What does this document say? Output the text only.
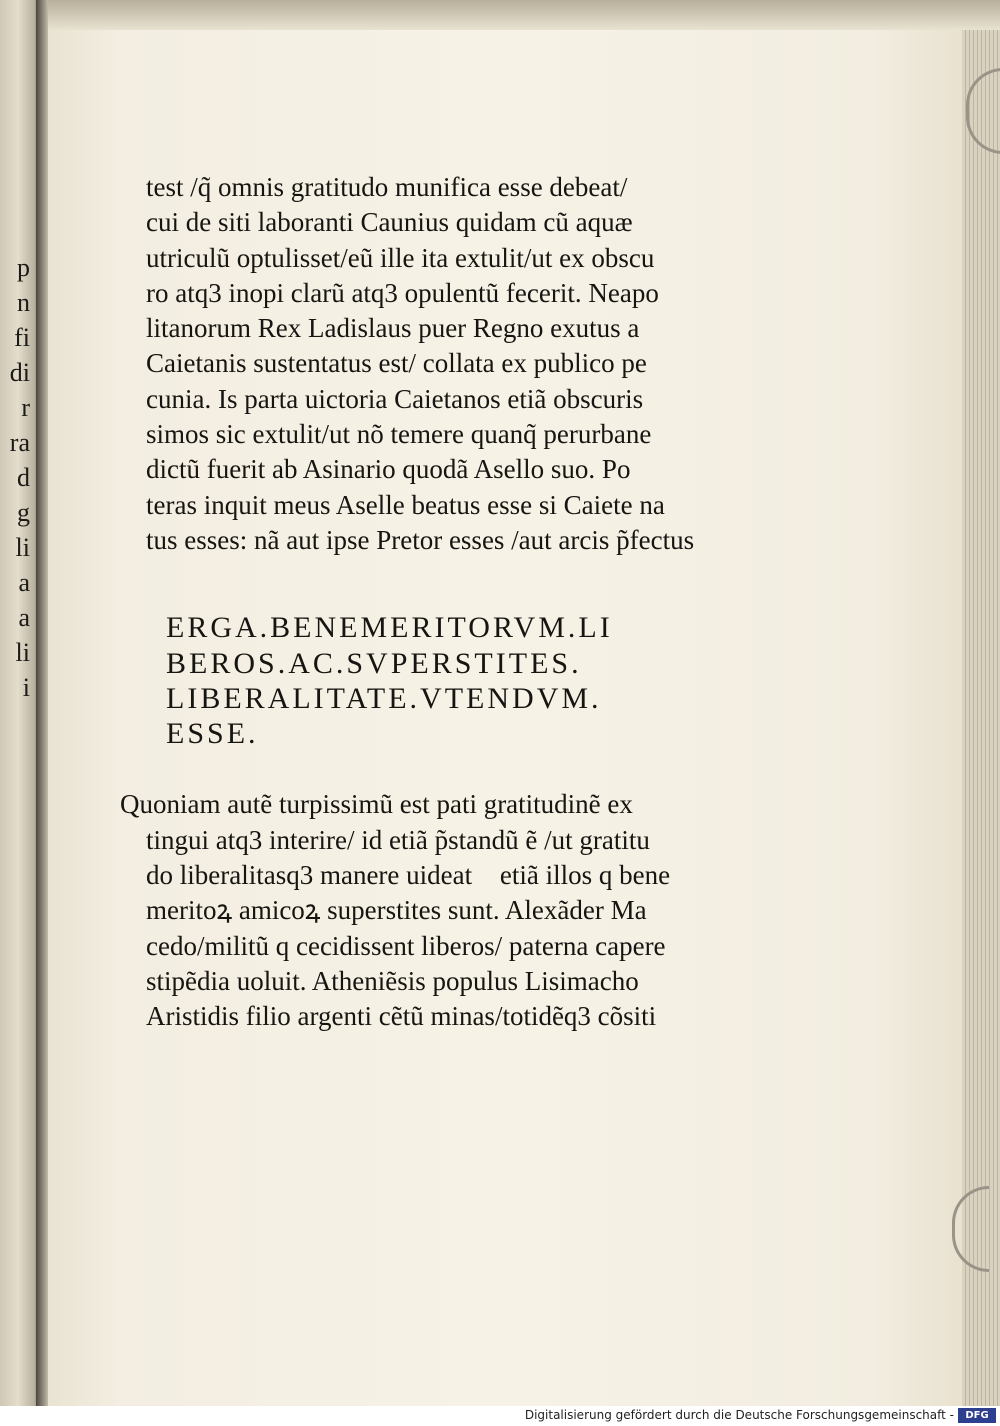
p
n
fi
di
r
ra
d
g
li
a
a
li
i
test /q̃ omnis gratitudo munifica esse debeat/
cui de siti laboranti Caunius quidam cũ aquæ
utriculũ optulisset/eũ ille ita extulit/ut ex obscu
ro atq3 inopi clarũ atq3 opulentũ fecerit. Neapo
litanorum Rex Ladislaus puer Regno exutus a
Caietanis sustentatus est/ collata ex publico pe
cunia. Is parta uictoria Caietanos etiã obscuris
simos sic extulit/ut nõ temere quanq̃ perurbane
dictũ fuerit ab Asinario quodã Asello suo. Po
teras inquit meus Aselle beatus esse si Caiete na
tus esses: nã aut ipse Pretor esses /aut arcis p̃fectus
ERGA.BENEMERITORVM.LI
BEROS.AC.SVPERSTITES.
LIBERALITATE.VTENDVM.
ESSE.
Quoniam autẽ turpissimũ est pati gratitudinẽ ex
tingui atq3 interire/ id etiã p̃standũ ẽ /ut gratitu
do liberalitasq3 manere uideat᷑ etiã illos q bene
meritoꝝ amicoꝝ superstites sunt. Alexãder Ma
cedo/militũ q cecidissent liberos/ paterna capere
stipẽdia uoluit. Atheniẽsis populus Lisimacho
Aristidis filio argenti cẽtũ minas/totidẽq3 cõsiti
Digitalisierung gefördert durch die Deutsche Forschungsgemeinschaft -	DFG
